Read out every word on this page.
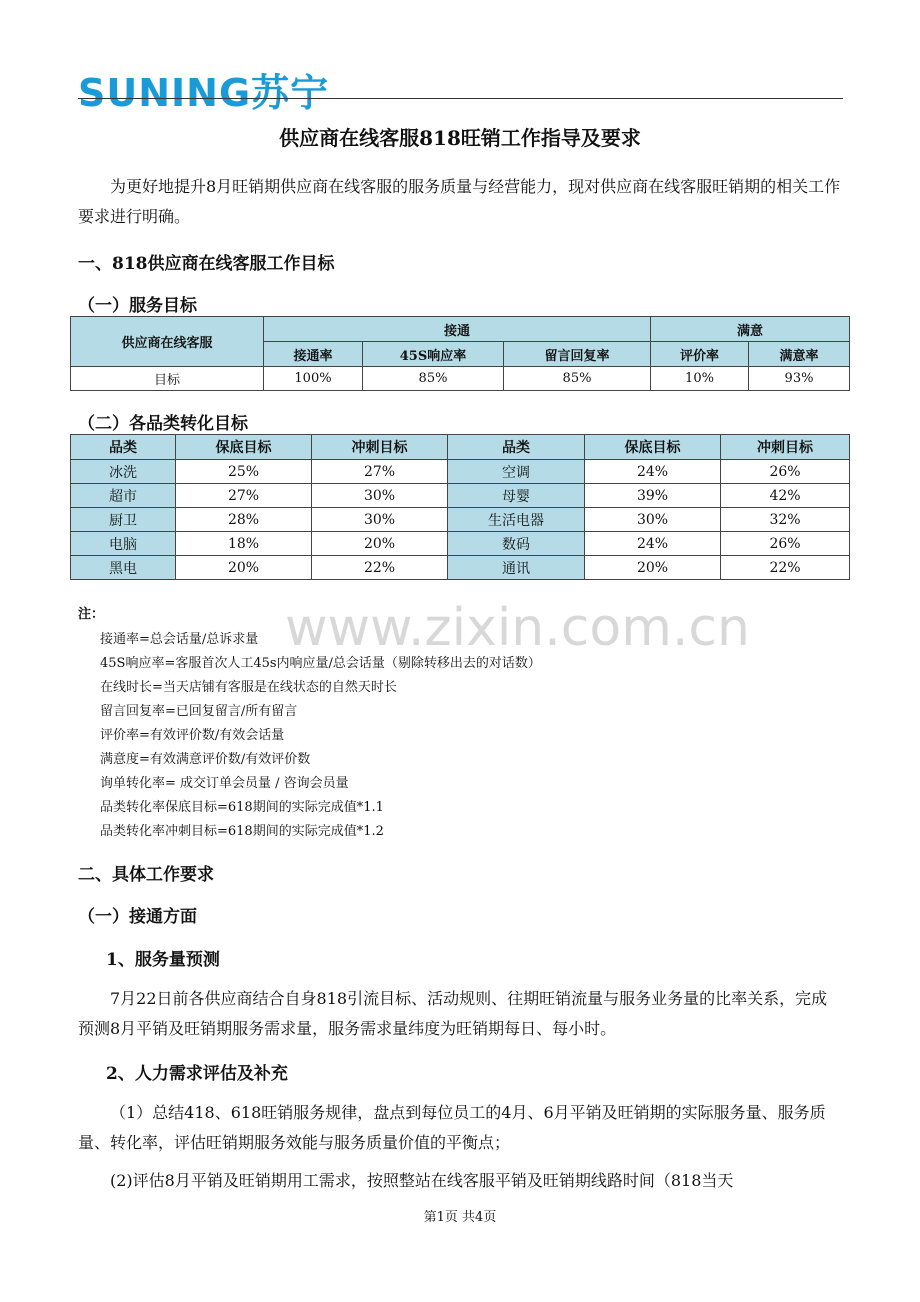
SUNING苏宁
供应商在线客服818旺销工作指导及要求
为更好地提升8月旺销期供应商在线客服的服务质量与经营能力，现对供应商在线客服旺销期的相关工作要求进行明确。
一、818供应商在线客服工作目标
（一）服务目标
供应商在线客服	接通			满意	
	接通率	45S响应率	留言回复率	评价率	满意率
目标	100%	85%	85%	10%	93%
（二）各品类转化目标
品类	保底目标	冲刺目标	品类	保底目标	冲刺目标
冰洗	25%	27%	空调	24%	26%
超市	27%	30%	母婴	39%	42%
厨卫	28%	30%	生活电器	30%	32%
电脑	18%	20%	数码	24%	26%
黑电	20%	22%	通讯	20%	22%
www.zixin.com.cn
注：
接通率=总会话量/总诉求量
45S响应率=客服首次人工45s内响应量/总会话量（剔除转移出去的对话数）
在线时长=当天店铺有客服是在线状态的自然天时长
留言回复率=已回复留言/所有留言
评价率=有效评价数/有效会话量
满意度=有效满意评价数/有效评价数
询单转化率= 成交订单会员量 / 咨询会员量
品类转化率保底目标=618期间的实际完成值*1.1
品类转化率冲刺目标=618期间的实际完成值*1.2
二、具体工作要求
（一）接通方面
1、服务量预测
7月22日前各供应商结合自身818引流目标、活动规则、往期旺销流量与服务业务量的比率关系，完成预测8月平销及旺销期服务需求量，服务需求量纬度为旺销期每日、每小时。
2、人力需求评估及补充
（1）总结418、618旺销服务规律，盘点到每位员工的4月、6月平销及旺销期的实际服务量、服务质量、转化率，评估旺销期服务效能与服务质量价值的平衡点；
(2)评估8月平销及旺销期用工需求，按照整站在线客服平销及旺销期线路时间（818当天
第1页 共4页
